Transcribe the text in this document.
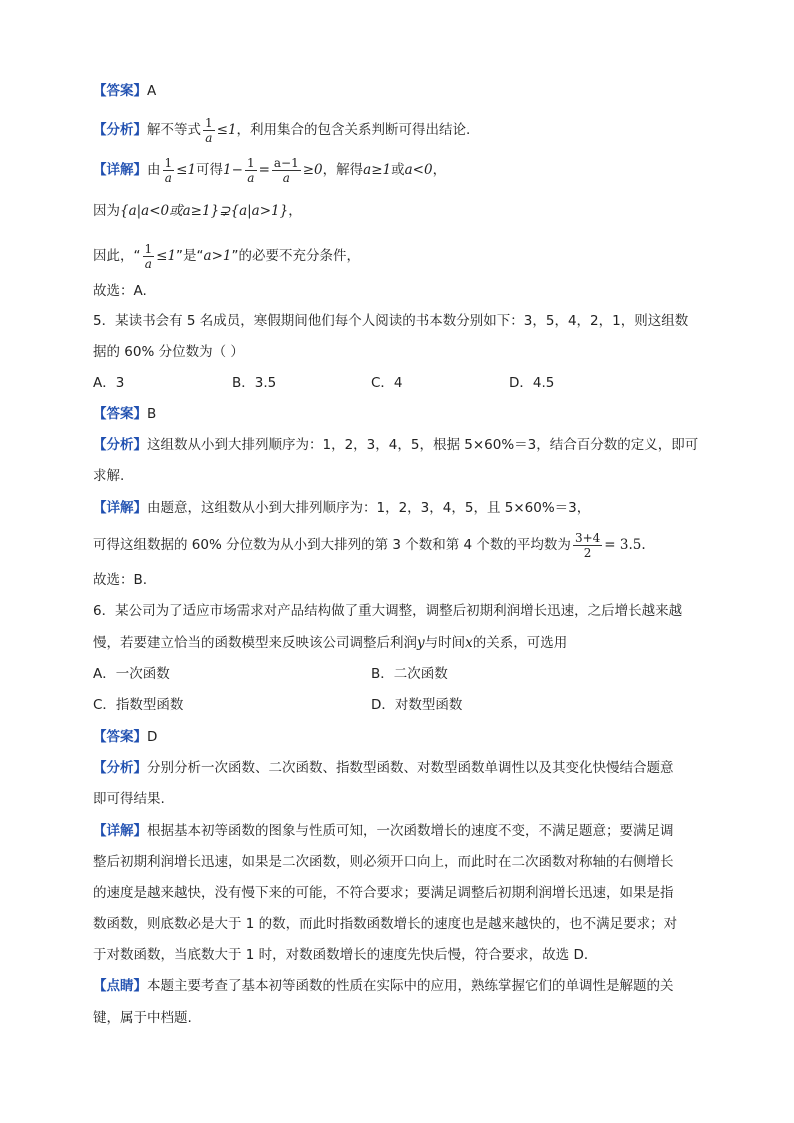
【答案】A
【分析】解不等式 $\frac{1}{a} \le 1$，利用集合的包含关系判断可得出结论.
【详解】由 $\frac{1}{a} \le 1$可得$1- \frac{1}{a} = \frac{a-1}{a} \ge 0$，解得a≥1或a<0，
因为{a|a<0或a≥1}⊋{a|a>1}，
因此，“ $\frac{1}{a} \le 1$”是“a>1”的必要不充分条件，
故选：A.
5．某读书会有 5 名成员，寒假期间他们每个人阅读的书本数分别如下：3，5，4，2，1，则这组数
据的 60% 分位数为（ ）
A．3	B．3.5	C．4	D．4.5
【答案】B
【分析】这组数从小到大排列顺序为：1，2，3，4，5，根据 5×60%＝3，结合百分数的定义，即可
求解.
【详解】由题意，这组数从小到大排列顺序为：1，2，3，4，5，且 5×60%＝3，
可得这组数据的 60% 分位数为从小到大排列的第 3 个数和第 4 个数的平均数为 $\frac{3+4}{2} = 3.5$.
故选：B.
6．某公司为了适应市场需求对产品结构做了重大调整，调整后初期利润增长迅速，之后增长越来越
慢，若要建立恰当的函数模型来反映该公司调整后利润y与时间x的关系，可选用
A．一次函数	B．二次函数
C．指数型函数	D．对数型函数
【答案】D
【分析】分别分析一次函数、二次函数、指数型函数、对数型函数单调性以及其变化快慢结合题意
即可得结果.
【详解】根据基本初等函数的图象与性质可知，一次函数增长的速度不变，不满足题意；要满足调
整后初期利润增长迅速，如果是二次函数，则必须开口向上，而此时在二次函数对称轴的右侧增长
的速度是越来越快，没有慢下来的可能，不符合要求；要满足调整后初期利润增长迅速，如果是指
数函数，则底数必是大于 1 的数，而此时指数函数增长的速度也是越来越快的，也不满足要求；对
于对数函数，当底数大于 1 时，对数函数增长的速度先快后慢，符合要求，故选 D．
【点睛】本题主要考查了基本初等函数的性质在实际中的应用，熟练掌握它们的单调性是解题的关
键，属于中档题.
